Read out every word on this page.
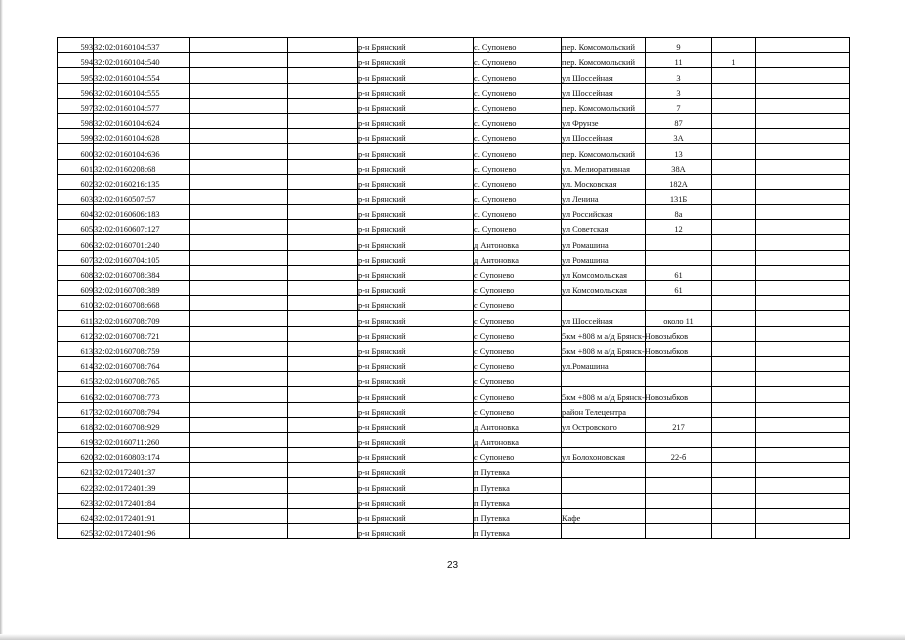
593	32:02:0160104:537			р-н Брянский	с. Супонево	пер. Комсомольский	9		
594	32:02:0160104:540			р-н Брянский	с. Супонево	пер. Комсомольский	11	1	
595	32:02:0160104:554			р-н Брянский	с. Супонево	ул Шоссейная	3		
596	32:02:0160104:555			р-н Брянский	с. Супонево	ул Шоссейная	3		
597	32:02:0160104:577			р-н Брянский	с. Супонево	пер. Комсомольский	7		
598	32:02:0160104:624			р-н Брянский	с. Супонево	ул Фрунзе	87		
599	32:02:0160104:628			р-н Брянский	с. Супонево	ул Шоссейная	3А		
600	32:02:0160104:636			р-н Брянский	с. Супонево	пер. Комсомольский	13		
601	32:02:0160208:68			р-н Брянский	с. Супонево	ул. Мелиоративная	38А		
602	32:02:0160216:135			р-н Брянский	с. Супонево	ул. Московская	182А		
603	32:02:0160507:57			р-н Брянский	с. Супонево	ул Ленина	131Б		
604	32:02:0160606:183			р-н Брянский	с. Супонево	ул Российская	8а		
605	32:02:0160607:127			р-н Брянский	с. Супонево	ул Советская	12		
606	32:02:0160701:240			р-н Брянский	д Антоновка	ул Ромашина			
607	32:02:0160704:105			р-н Брянский	д Антоновка	ул Ромашина			
608	32:02:0160708:384			р-н Брянский	с Супонево	ул Комсомольская	61		
609	32:02:0160708:389			р-н Брянский	с Супонево	ул Комсомольская	61		
610	32:02:0160708:668			р-н Брянский	с Супонево				
611	32:02:0160708:709			р-н Брянский	с Супонево	ул Шоссейная	около 11		
612	32:02:0160708:721			р-н Брянский	с Супонево	5км +808 м а/д Брянск-Новозыбков			
613	32:02:0160708:759			р-н Брянский	с Супонево	5км +808 м а/д Брянск-Новозыбков			
614	32:02:0160708:764			р-н Брянский	с Супонево	ул.Ромашина			
615	32:02:0160708:765			р-н Брянский	с Супонево				
616	32:02:0160708:773			р-н Брянский	с Супонево	5км +808 м а/д Брянск-Новозыбков			
617	32:02:0160708:794			р-н Брянский	с Супонево	район Телецентра			
618	32:02:0160708:929			р-н Брянский	д Антоновка	ул Островского	217		
619	32:02:0160711:260			р-н Брянский	д Антоновка				
620	32:02:0160803:174			р-н Брянский	с Супонево	ул Болохоновская	22-б		
621	32:02:0172401:37			р-н Брянский	п Путевка				
622	32:02:0172401:39			р-н Брянский	п Путевка				
623	32:02:0172401:84			р-н Брянский	п Путевка				
624	32:02:0172401:91			р-н Брянский	п Путевка	Кафе			
625	32:02:0172401:96			р-н Брянский	п Путевка				
23
